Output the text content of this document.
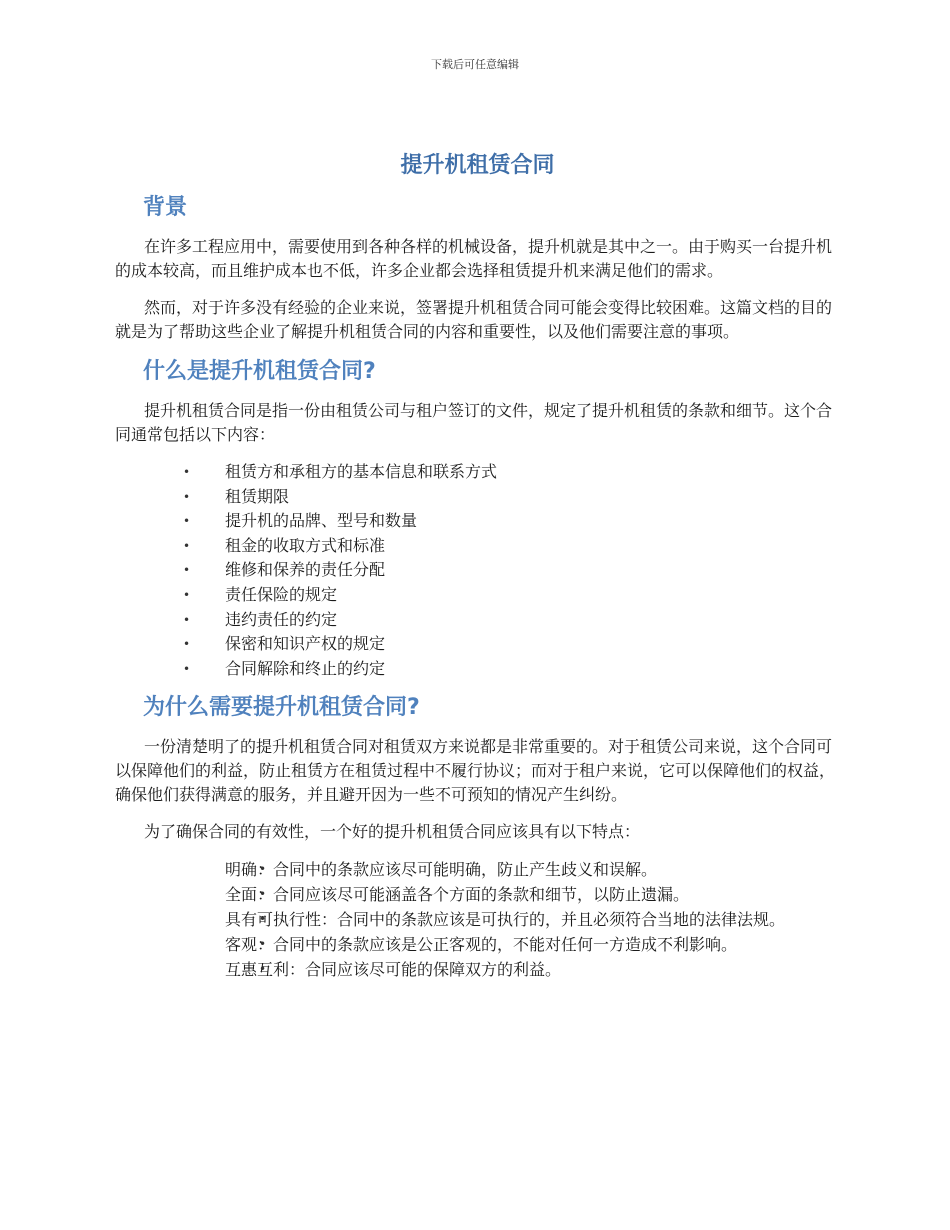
下载后可任意编辑
提升机租赁合同
背景

在许多工程应用中，需要使用到各种各样的机械设备，提升机就是其中之一。由于购买一台提升机的成本较高，而且维护成本也不低，许多企业都会选择租赁提升机来满足他们的需求。

然而，对于许多没有经验的企业来说，签署提升机租赁合同可能会变得比较困难。这篇文档的目的就是为了帮助这些企业了解提升机租赁合同的内容和重要性，以及他们需要注意的事项。

什么是提升机租赁合同?

提升机租赁合同是指一份由租赁公司与租户签订的文件，规定了提升机租赁的条款和细节。这个合同通常包括以下内容：

• 租赁方和承租方的基本信息和联系方式
• 租赁期限
• 提升机的品牌、型号和数量
• 租金的收取方式和标准
• 维修和保养的责任分配
• 责任保险的规定
• 违约责任的约定
• 保密和知识产权的规定
• 合同解除和终止的约定
为什么需要提升机租赁合同?

一份清楚明了的提升机租赁合同对租赁双方来说都是非常重要的。对于租赁公司来说，这个合同可以保障他们的利益，防止租赁方在租赁过程中不履行协议；而对于租户来说，它可以保障他们的权益，确保他们获得满意的服务，并且避开因为一些不可预知的情况产生纠纷。

为了确保合同的有效性，一个好的提升机租赁合同应该具有以下特点：

• 明确：合同中的条款应该尽可能明确，防止产生歧义和误解。
• 全面：合同应该尽可能涵盖各个方面的条款和细节，以防止遗漏。
• 具有可执行性：合同中的条款应该是可执行的，并且必须符合当地的法律法规。
• 客观：合同中的条款应该是公正客观的，不能对任何一方造成不利影响。
• 互惠互利：合同应该尽可能的保障双方的利益。
